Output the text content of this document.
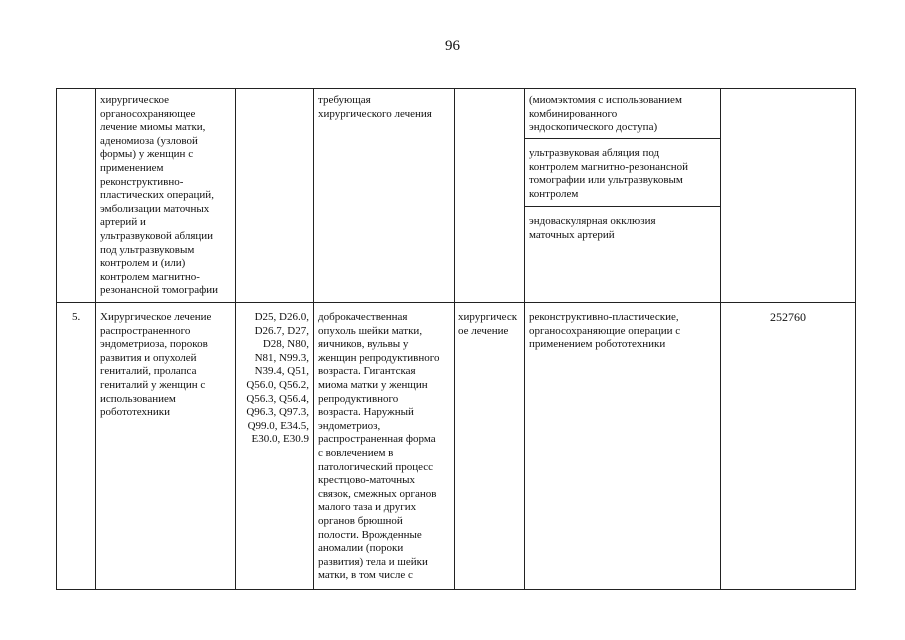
96
хирургическое
органосохраняющее
лечение миомы матки,
аденомиоза (узловой
формы) у женщин с
применением
реконструктивно-
пластических операций,
эмболизации маточных
артерий и
ультразвуковой абляции
под ультразвуковым
контролем и (или)
контролем магнитно-
резонансной томографии
требующая
хирургического лечения
(миомэктомия с использованием
комбинированного
эндоскопического доступа)
ультразвуковая абляция под
контролем магнитно-резонансной
томографии или ультразвуковым
контролем
эндоваскулярная окклюзия
маточных артерий
5.	Хирургическое лечение
распространенного
эндометриоза, пороков
развития и опухолей
гениталий, пролапса
гениталий у женщин с
использованием
робототехники
D25, D26.0,
D26.7, D27,
D28, N80,
N81, N99.3,
N39.4, Q51,
Q56.0, Q56.2,
Q56.3, Q56.4,
Q96.3, Q97.3,
Q99.0, E34.5,
E30.0, E30.9
доброкачественная
опухоль шейки матки,
яичников, вульвы у
женщин репродуктивного
возраста. Гигантская
миома матки у женщин
репродуктивного
возраста. Наружный
эндометриоз,
распространенная форма
с вовлечением в
патологический процесс
крестцово-маточных
связок, смежных органов
малого таза и других
органов брюшной
полости. Врожденные
аномалии (пороки
развития) тела и шейки
матки, в том числе с
хирургическ
ое лечение
реконструктивно-пластические,
органосохраняющие операции с
применением робототехники
252760
